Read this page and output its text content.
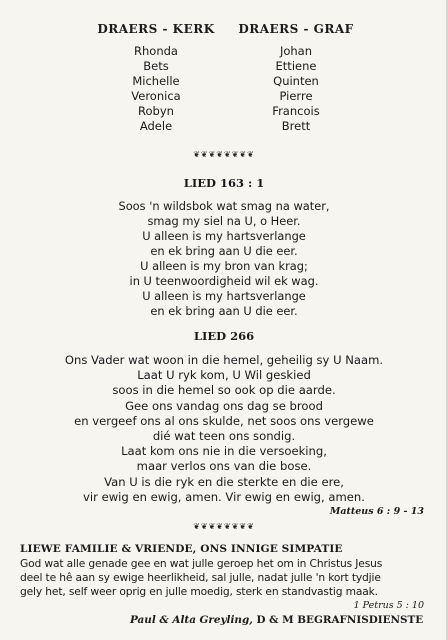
DRAERS - KERK
Rhonda
Bets
Michelle
Veronica
Robyn
Adele
DRAERS - GRAF
Johan
Ettiene
Quinten
Pierre
Francois
Brett
❦❦❦❦❦❦❦❦
LIED 163 : 1
Soos 'n wildsbok wat smag na water,
smag my siel na U, o Heer.
U alleen is my hartsverlange
en ek bring aan U die eer.
U alleen is my bron van krag;
in U teenwoordigheid wil ek wag.
U alleen is my hartsverlange
en ek bring aan U die eer.
LIED 266
Ons Vader wat woon in die hemel, geheilig sy U Naam.
Laat U ryk kom, U Wil geskied
soos in die hemel so ook op die aarde.
Gee ons vandag ons dag se brood
en vergeef ons al ons skulde, net soos ons vergewe
dié wat teen ons sondig.
Laat kom ons nie in die versoeking,
maar verlos ons van die bose.
Van U is die ryk en die sterkte en die ere,
vir ewig en ewig, amen. Vir ewig en ewig, amen.
Matteus 6 : 9 - 13
❦❦❦❦❦❦❦❦
LIEWE FAMILIE & VRIENDE, ONS INNIGE SIMPATIE
God wat alle genade gee en wat julle geroep het om in Christus Jesus
deel te hê aan sy ewige heerlikheid, sal julle, nadat julle 'n kort tydjie
gely het, self weer oprig en julle moedig, sterk en standvastig maak.
1 Petrus 5 : 10
Paul & Alta Greyling, D & M BEGRAFNISDIENSTE
